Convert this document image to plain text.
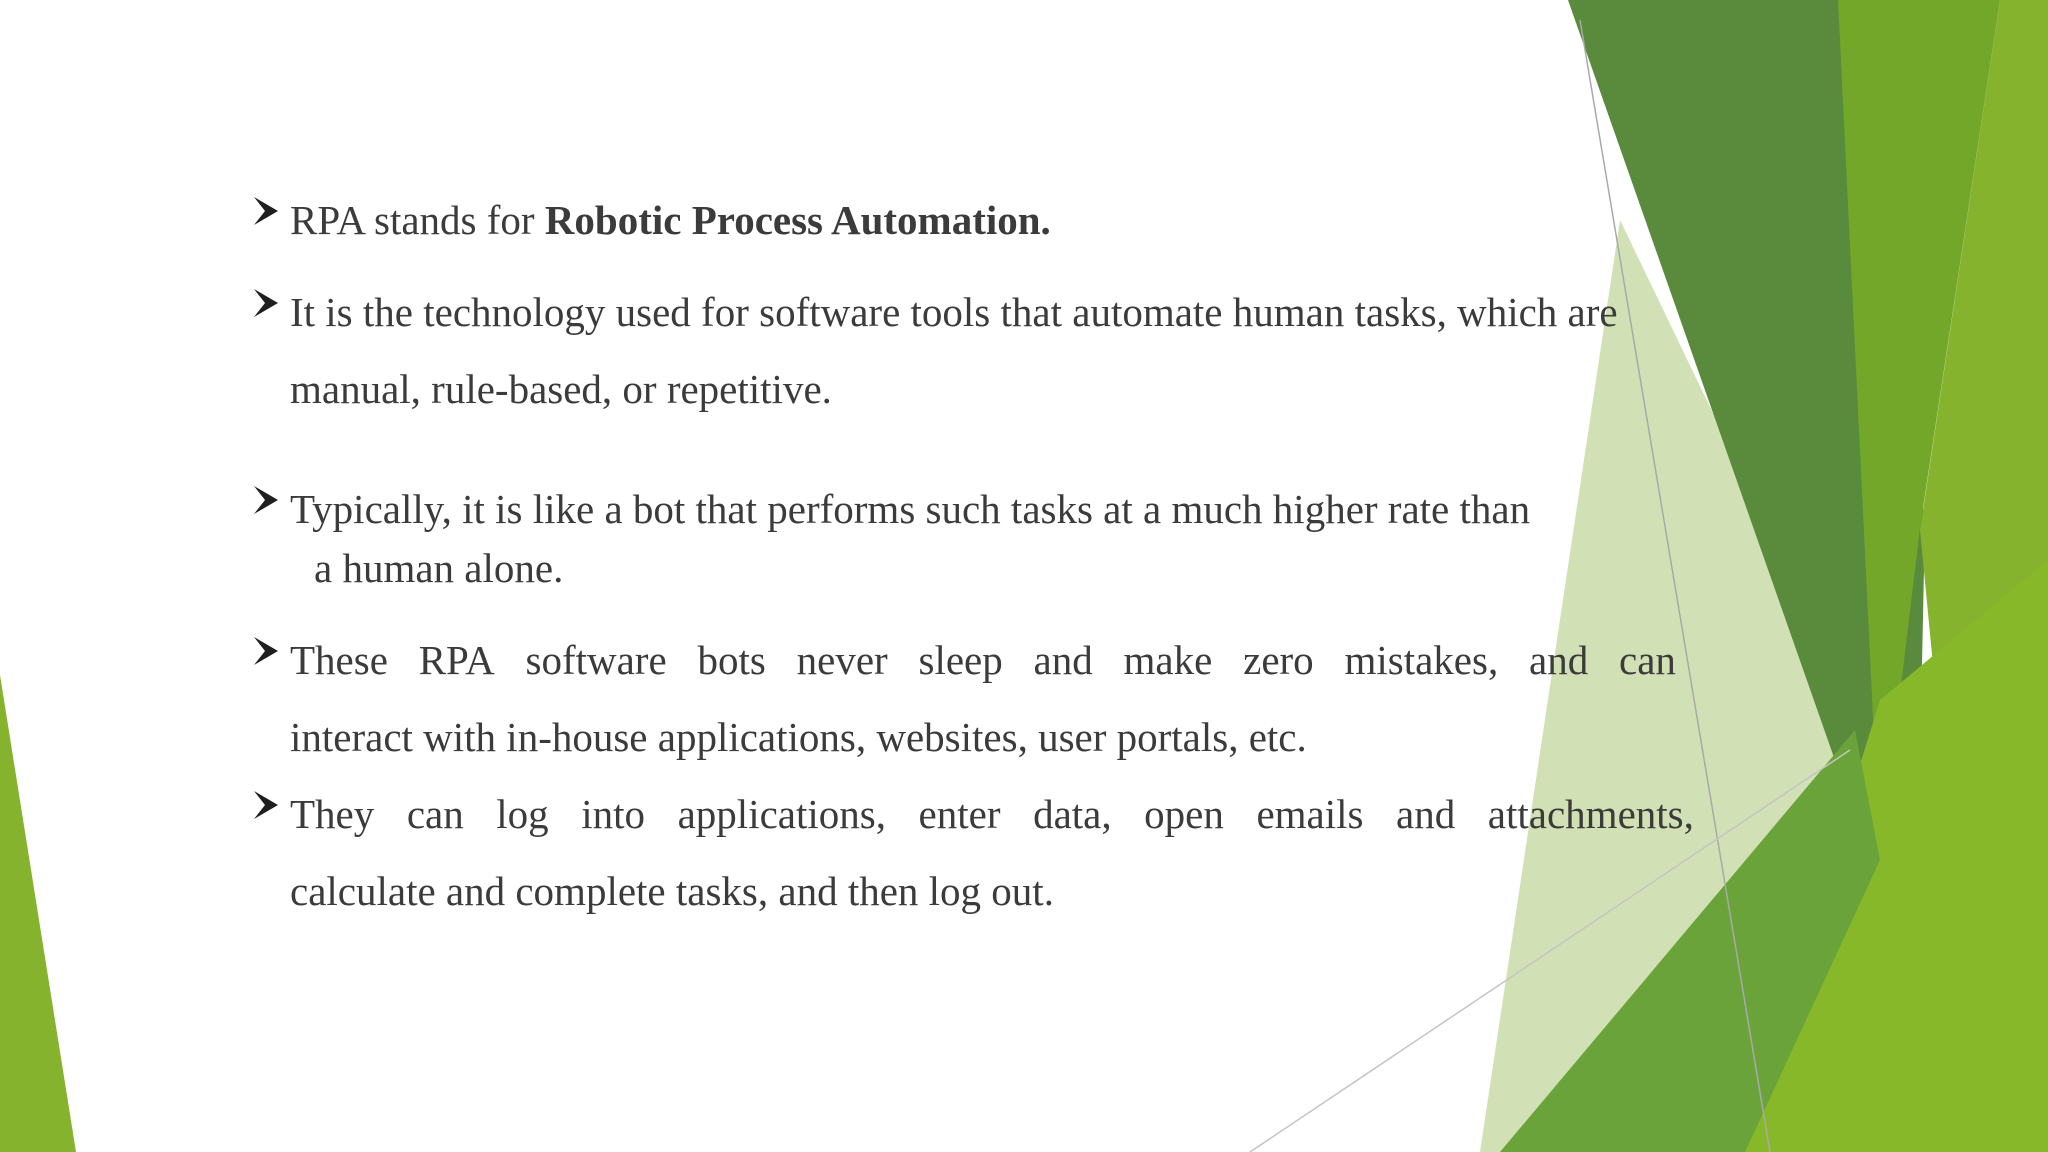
RPA stands for Robotic Process Automation.
It is the technology used for software tools that automate human tasks, which are
manual, rule-based, or repetitive.
Typically, it is like a bot that performs such tasks at a much higher rate than
a human alone.
These RPA software bots never sleep and make zero mistakes, and can
interact with in-house applications, websites, user portals, etc.
They can log into applications, enter data, open emails and attachments,
calculate and complete tasks, and then log out.
